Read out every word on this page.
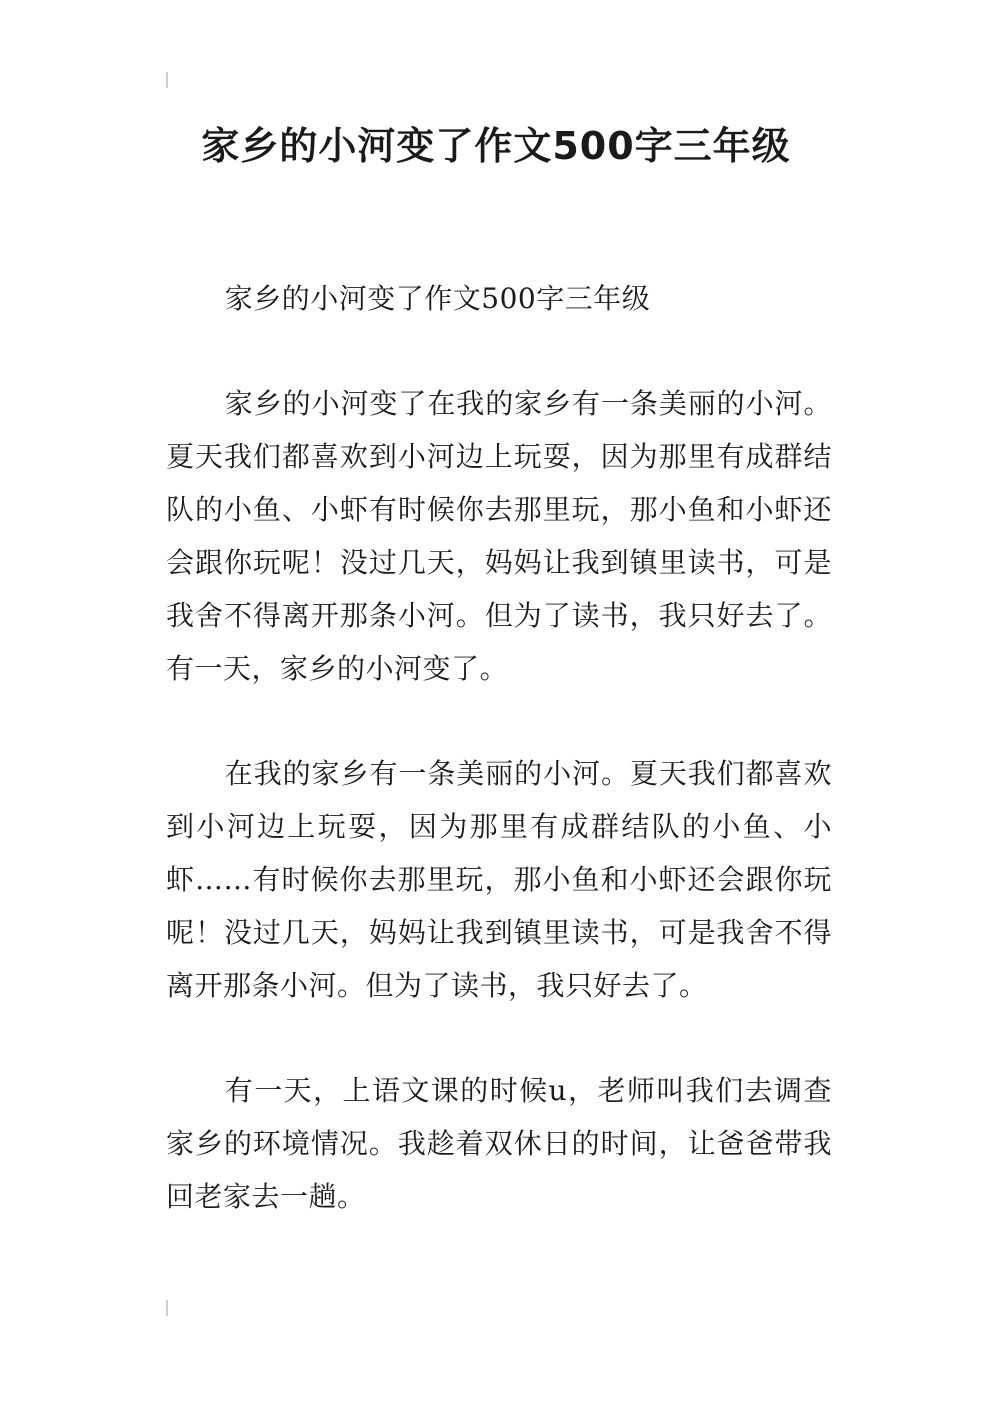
家乡的小河变了作文500字三年级

家乡的小河变了作文500字三年级

家乡的小河变了在我的家乡有一条美丽的小河。夏天我们都喜欢到小河边上玩耍，因为那里有成群结队的小鱼、小虾有时候你去那里玩，那小鱼和小虾还会跟你玩呢！没过几天，妈妈让我到镇里读书，可是我舍不得离开那条小河。但为了读书，我只好去了。有一天，家乡的小河变了。

在我的家乡有一条美丽的小河。夏天我们都喜欢到小河边上玩耍，因为那里有成群结队的小鱼、小虾……有时候你去那里玩，那小鱼和小虾还会跟你玩呢！没过几天，妈妈让我到镇里读书，可是我舍不得离开那条小河。但为了读书，我只好去了。

有一天，上语文课的时候u，老师叫我们去调查家乡的环境情况。我趁着双休日的时间，让爸爸带我回老家去一趟。
